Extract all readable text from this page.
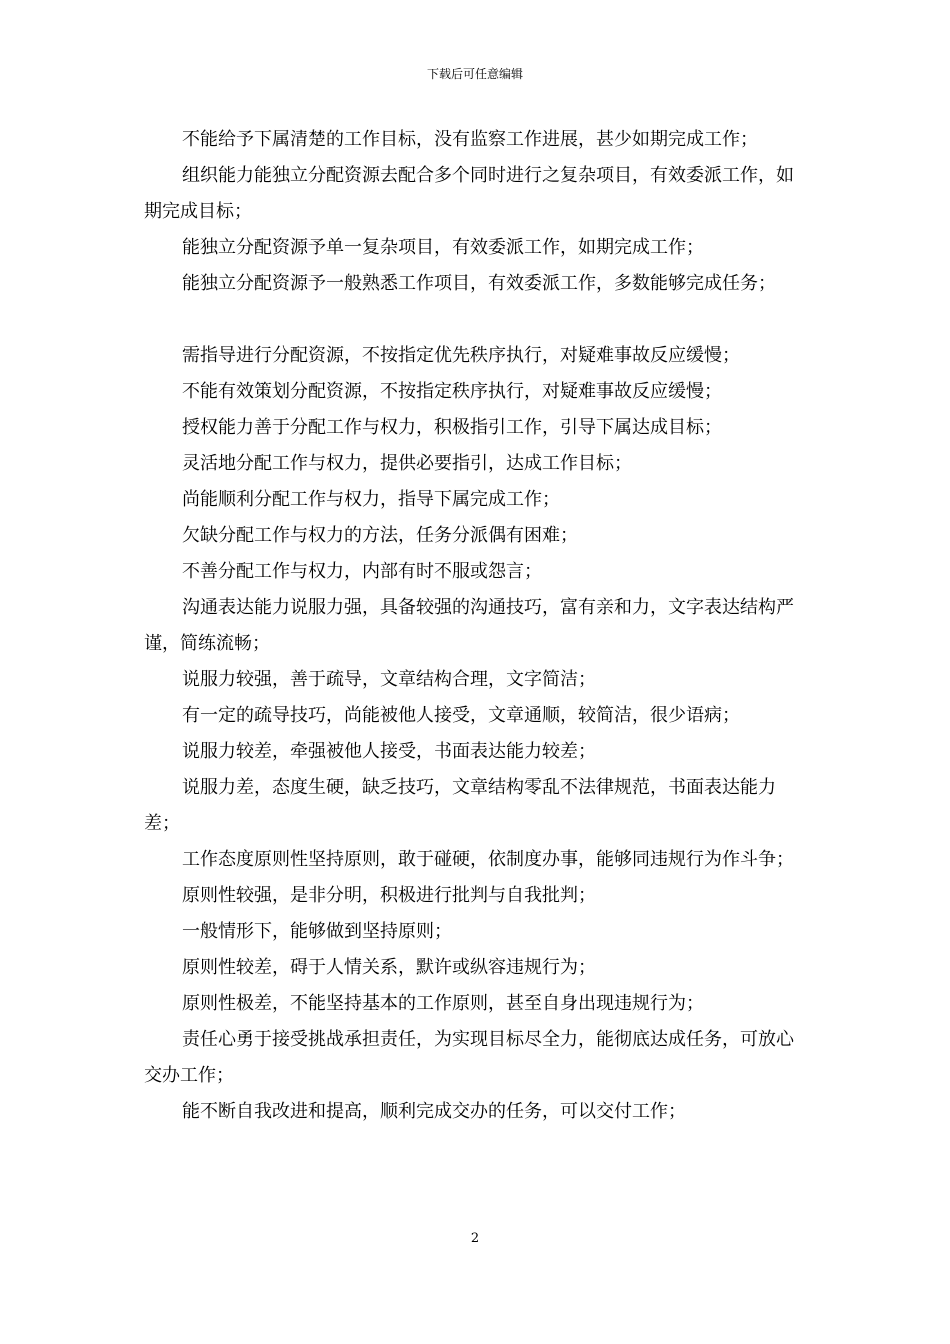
下载后可任意编辑

不能给予下属清楚的工作目标，没有监察工作进展，甚少如期完成工作；

组织能力能独立分配资源去配合多个同时进行之复杂项目，有效委派工作，如期完成目标；

能独立分配资源予单一复杂项目，有效委派工作，如期完成工作；

能独立分配资源予一般熟悉工作项目，有效委派工作，多数能够完成任务；

需指导进行分配资源，不按指定优先秩序执行，对疑难事故反应缓慢；

不能有效策划分配资源，不按指定秩序执行，对疑难事故反应缓慢；

授权能力善于分配工作与权力，积极指引工作，引导下属达成目标；

灵活地分配工作与权力，提供必要指引，达成工作目标；

尚能顺利分配工作与权力，指导下属完成工作；

欠缺分配工作与权力的方法，任务分派偶有困难；

不善分配工作与权力，内部有时不服或怨言；

沟通表达能力说服力强，具备较强的沟通技巧，富有亲和力，文字表达结构严谨，简练流畅；

说服力较强，善于疏导，文章结构合理，文字简洁；

有一定的疏导技巧，尚能被他人接受，文章通顺，较简洁，很少语病；

说服力较差，牵强被他人接受，书面表达能力较差；

说服力差，态度生硬，缺乏技巧，文章结构零乱不法律规范，书面表达能力差；

工作态度原则性坚持原则，敢于碰硬，依制度办事，能够同违规行为作斗争；

原则性较强，是非分明，积极进行批判与自我批判；

一般情形下，能够做到坚持原则；

原则性较差，碍于人情关系，默许或纵容违规行为；

原则性极差，不能坚持基本的工作原则，甚至自身出现违规行为；

责任心勇于接受挑战承担责任，为实现目标尽全力，能彻底达成任务，可放心交办工作；

能不断自我改进和提高，顺利完成交办的任务，可以交付工作；

2
